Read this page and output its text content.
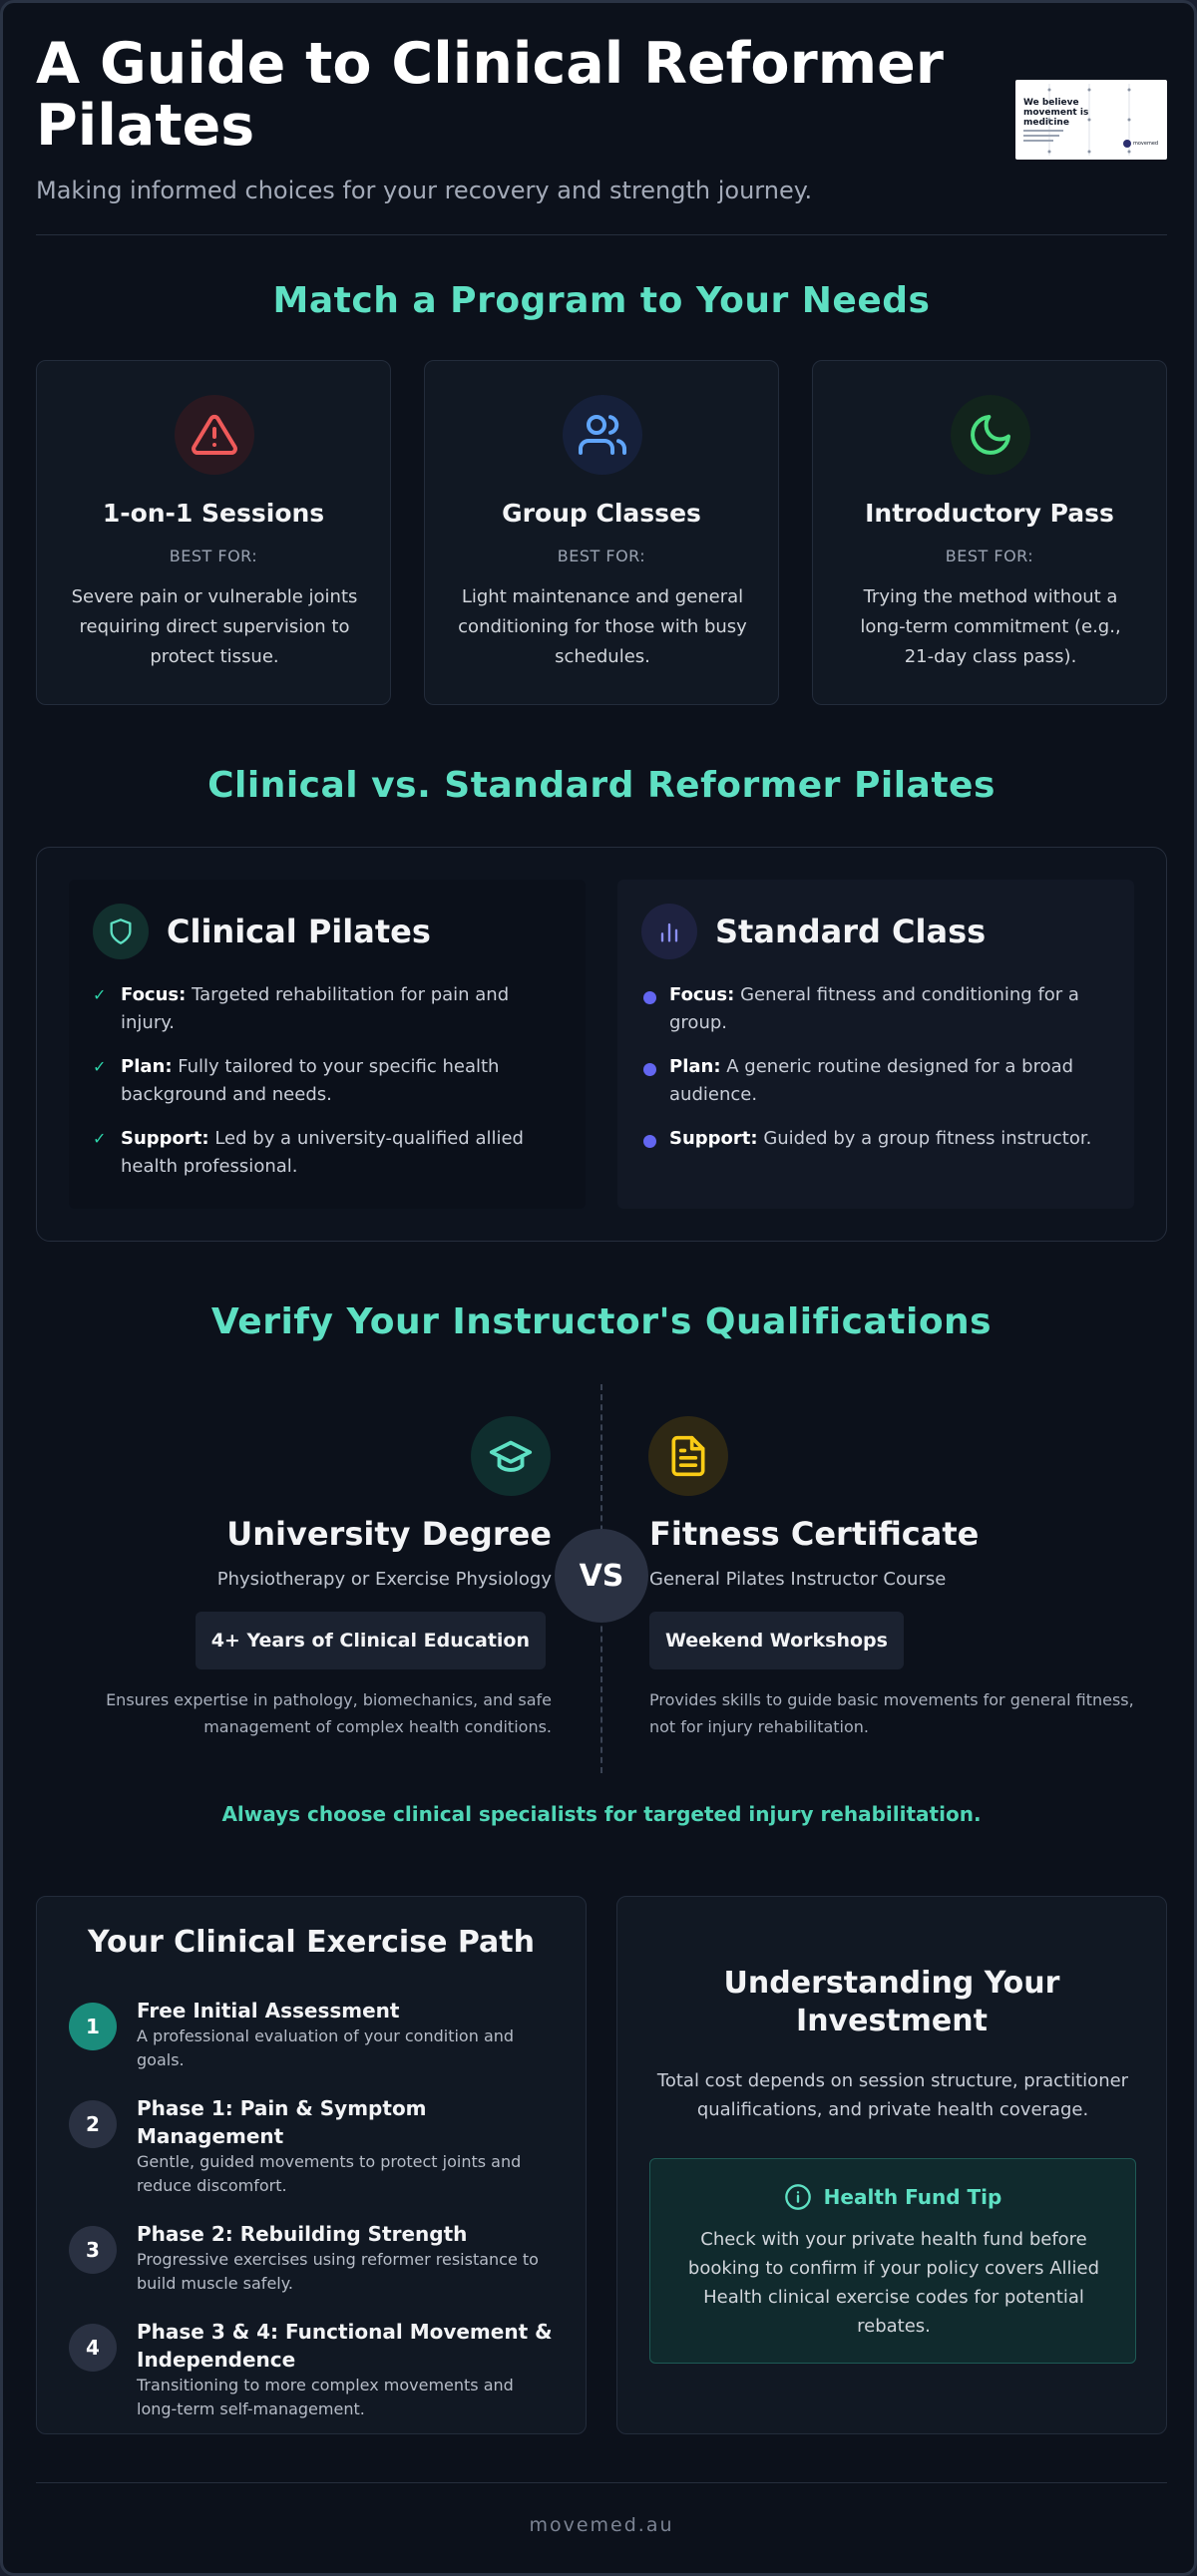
A Guide to Clinical Reformer Pilates
Making informed choices for your recovery and strength journey.
We believe movement is medicine
movemed
Match a Program to Your Needs
1-on-1 Sessions
BEST FOR:
Severe pain or vulnerable joints requiring direct supervision to protect tissue.
Group Classes
BEST FOR:
Light maintenance and general conditioning for those with busy schedules.
Introductory Pass
BEST FOR:
Trying the method without a long-term commitment (e.g., 21-day class pass).
Clinical vs. Standard Reformer Pilates
Clinical Pilates
✓ Focus: Targeted rehabilitation for pain and injury.
✓ Plan: Fully tailored to your specific health background and needs.
✓ Support: Led by a university-qualified allied health professional.
Standard Class
Focus: General fitness and conditioning for a group.
Plan: A generic routine designed for a broad audience.
Support: Guided by a group fitness instructor.
Verify Your Instructor's Qualifications
University Degree
Physiotherapy or Exercise Physiology
4+ Years of Clinical Education
Ensures expertise in pathology, biomechanics, and safe management of complex health conditions.
VS
Fitness Certificate
General Pilates Instructor Course
Weekend Workshops
Provides skills to guide basic movements for general fitness, not for injury rehabilitation.
Always choose clinical specialists for targeted injury rehabilitation.
Your Clinical Exercise Path
1
Free Initial Assessment
A professional evaluation of your condition and goals.
2
Phase 1: Pain & Symptom Management
Gentle, guided movements to protect joints and reduce discomfort.
3
Phase 2: Rebuilding Strength
Progressive exercises using reformer resistance to build muscle safely.
4
Phase 3 & 4: Functional Movement & Independence
Transitioning to more complex movements and long-term self-management.
Understanding Your Investment
Total cost depends on session structure, practitioner qualifications, and private health coverage.
Health Fund Tip
Check with your private health fund before booking to confirm if your policy covers Allied Health clinical exercise codes for potential rebates.
movemed.au
